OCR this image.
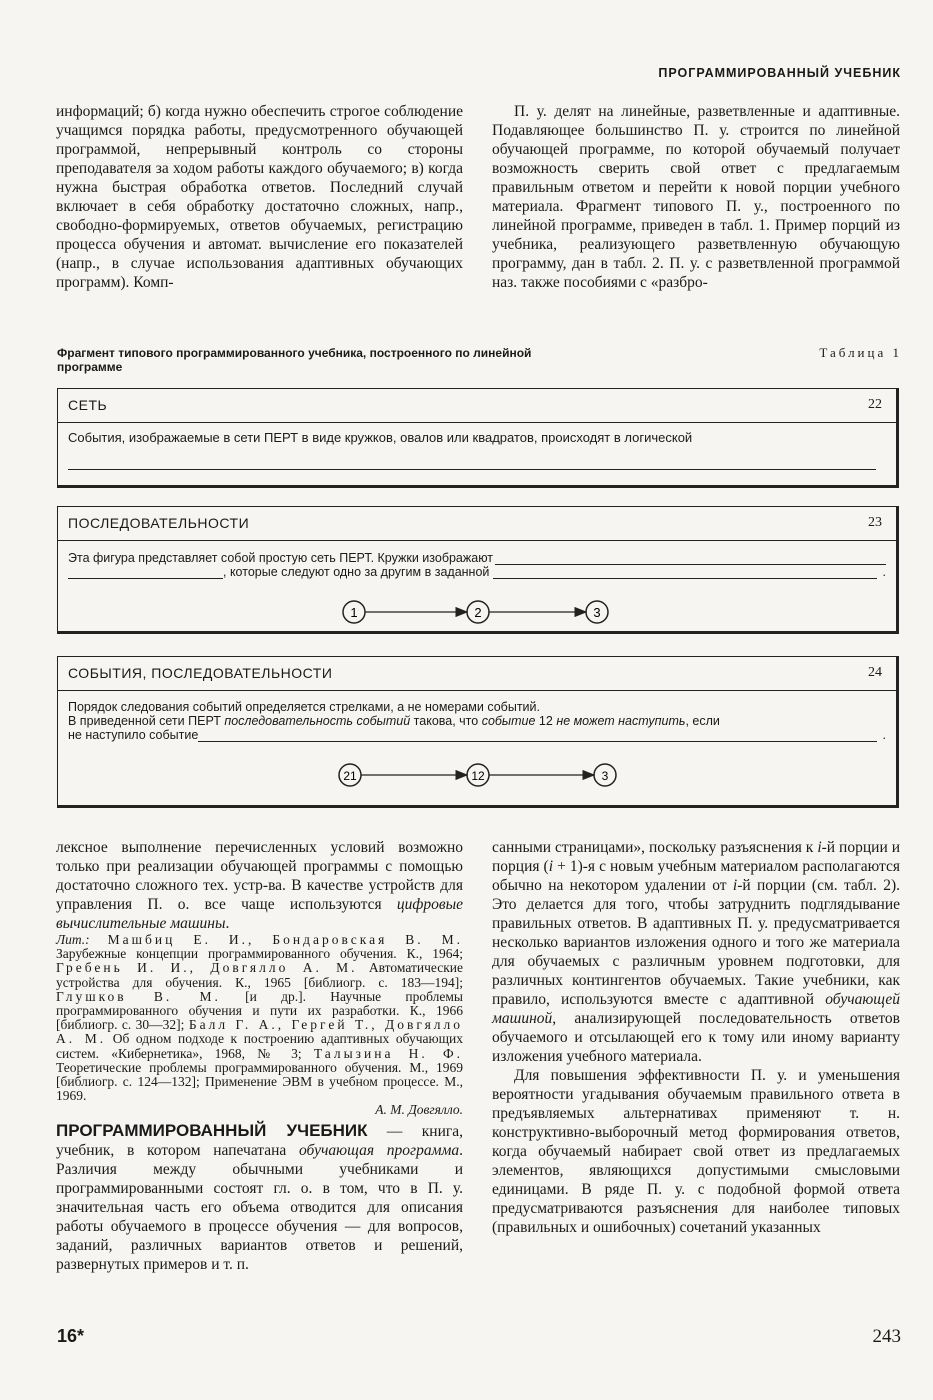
ПРОГРАММИРОВАННЫЙ УЧЕБНИК

информаций; б) когда нужно обеспечить строгое соблюдение учащимся порядка работы, предусмотренного обучающей программой, непрерывный контроль со стороны преподавателя за ходом работы каждого обучаемого; в) когда нужна быстрая обработка ответов. Последний случай включает в себя обработку достаточно сложных, напр., свободно-формируемых, ответов обучаемых, регистрацию процесса обучения и автомат. вычисление его показателей (напр., в случае использования адаптивных обучающих программ). Комп-

П. у. делят на линейные, разветвленные и адаптивные. Подавляющее большинство П. у. строится по линейной обучающей программе, по которой обучаемый получает возможность сверить свой ответ с предлагаемым правильным ответом и перейти к новой порции учебного материала. Фрагмент типового П. у., построенного по линейной программе, приведен в табл. 1. Пример порций из учебника, реализующего разветвленную обучающую программу, дан в табл. 2. П. у. с разветвленной программой наз. также пособиями с «разбро-

Фрагмент типового программированного учебника, построенного по линейной программе
Таблица 1
СЕТЬ	22
События, изображаемые в сети ПЕРТ в виде кружков, овалов или квадратов, происходят в логической
ПОСЛЕДОВАТЕЛЬНОСТИ	23
Эта фигура представляет собой простую сеть ПЕРТ. Кружки изображают
, которые следуют одно за другим в заданной	.
1	2	3
СОБЫТИЯ, ПОСЛЕДОВАТЕЛЬНОСТИ	24
Порядок следования событий определяется стрелками, а не номерами событий.
В приведенной сети ПЕРТ последовательность событий такова, что событие 12 не может наступить, если
не наступило событие	.
21	12	3

лексное выполнение перечисленных условий возможно только при реализации обучающей программы с помощью достаточно сложного тех. устр-ва. В качестве устройств для управления П. о. все чаще используются цифровые вычислительные машины.

Лит.: Машбиц Е. И., Бондаровская В. М. Зарубежные концепции программированного обучения. К., 1964; Гребень И. И., Довгялло А. М. Автоматические устройства для обучения. К., 1965 [библиогр. с. 183—194]; Глушков В. М. [и др.]. Научные проблемы программированного обучения и пути их разработки. К., 1966 [библиогр. с. 30—32]; Балл Г. А., Гергей Т., Довгялло А. М. Об одном подходе к построению адаптивных обучающих систем. «Кибернетика», 1968, № 3; Талызина Н. Ф. Теоретические проблемы программированного обучения. М., 1969 [библиогр. с. 124—132]; Применение ЭВМ в учебном процессе. М., 1969.

А. М. Довгялло.

ПРОГРАММИРОВАННЫЙ УЧЕБНИК — книга, учебник, в котором напечатана обучающая программа. Различия между обычными учебниками и программированными состоят гл. о. в том, что в П. у. значительная часть его объема отводится для описания работы обучаемого в процессе обучения — для вопросов, заданий, различных вариантов ответов и решений, развернутых примеров и т. п.

санными страницами», поскольку разъяснения к i-й порции и порция (i + 1)-я с новым учебным материалом располагаются обычно на некотором удалении от i-й порции (см. табл. 2). Это делается для того, чтобы затруднить подглядывание правильных ответов. В адаптивных П. у. предусматривается несколько вариантов изложения одного и того же материала для обучаемых с различным уровнем подготовки, для различных контингентов обучаемых. Такие учебники, как правило, используются вместе с адаптивной обучающей машиной, анализирующей последовательность ответов обучаемого и отсылающей его к тому или иному варианту изложения учебного материала.

Для повышения эффективности П. у. и уменьшения вероятности угадывания обучаемым правильного ответа в предъявляемых альтернативах применяют т. н. конструктивно-выборочный метод формирования ответов, когда обучаемый набирает свой ответ из предлагаемых элементов, являющихся допустимыми смысловыми единицами. В ряде П. у. с подобной формой ответа предусматриваются разъяснения для наиболее типовых (правильных и ошибочных) сочетаний указанных

16*	243
